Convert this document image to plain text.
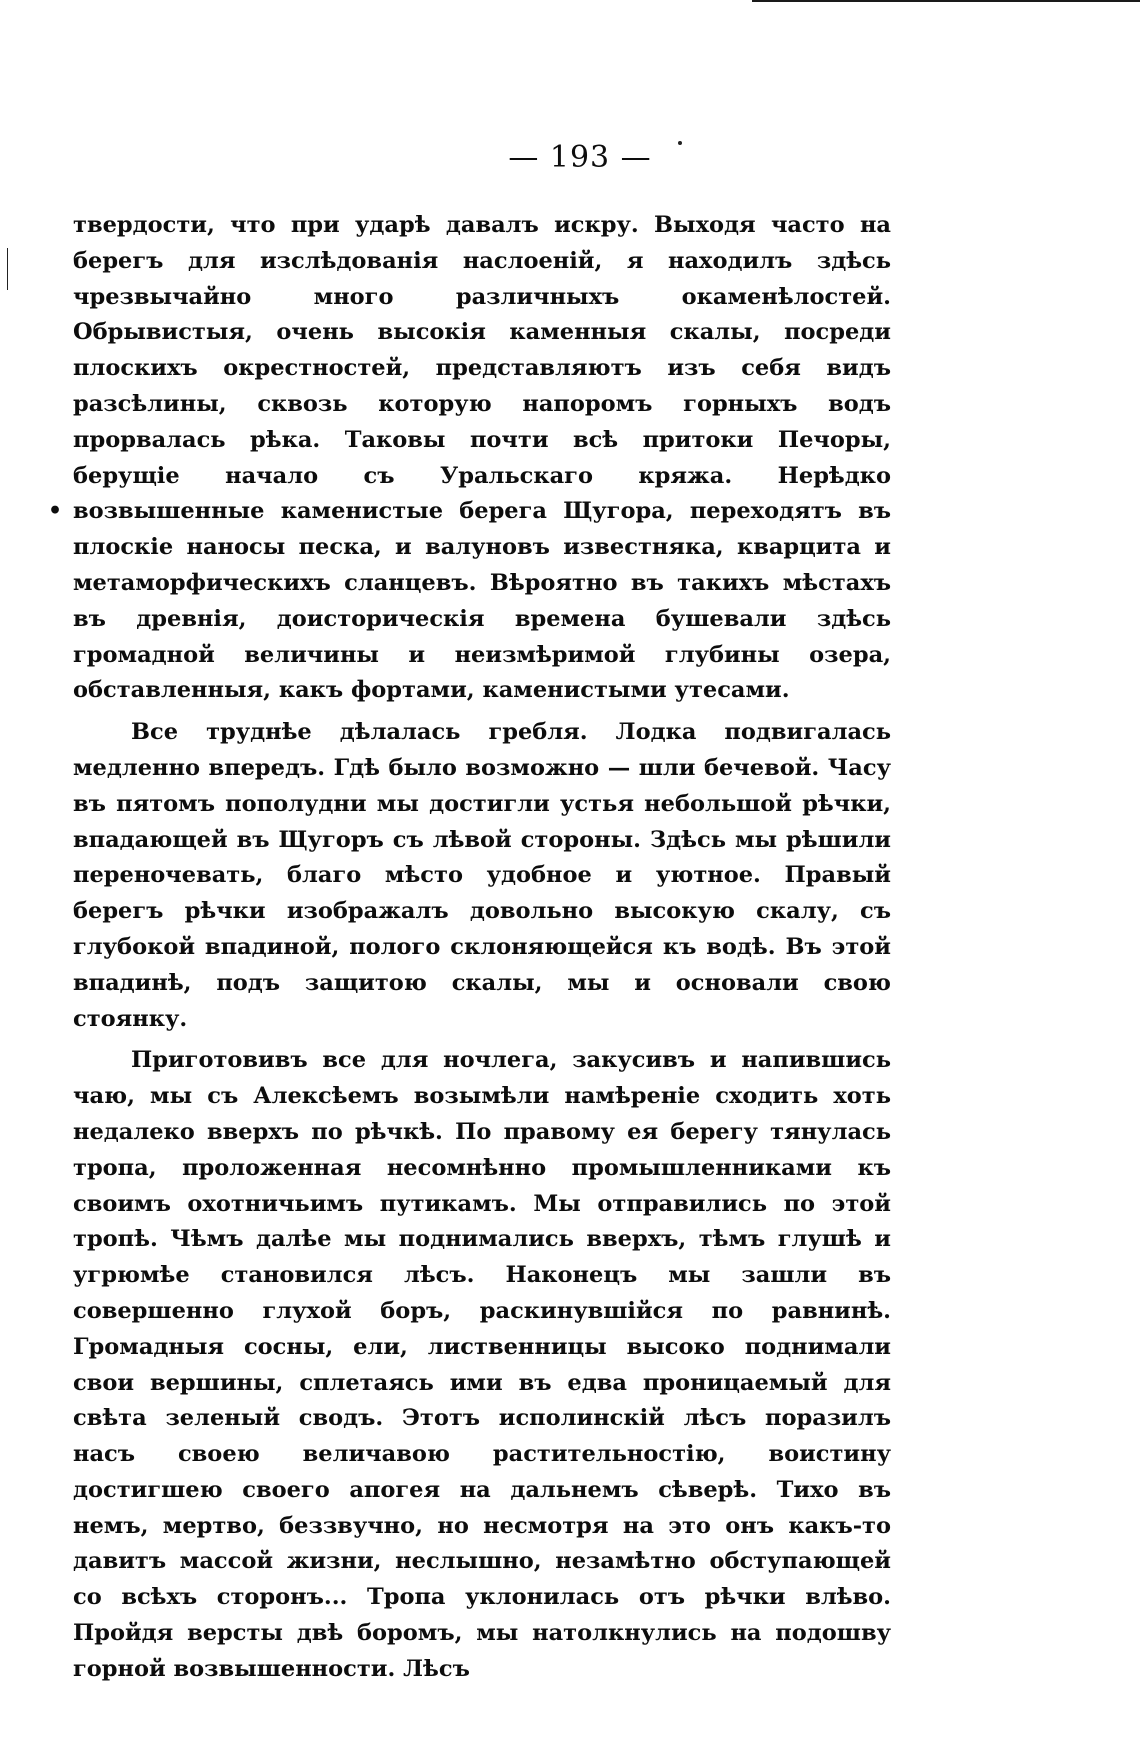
•
— 193 —

твердости, что при ударѣ давалъ искру. Выходя часто на берегъ для изслѣдованія наслоеній, я находилъ здѣсь чрезвычайно много различныхъ окаменѣлостей. Обрывистыя, очень высокія каменныя скалы, посреди плоскихъ окрестностей, представляютъ изъ себя видъ разсѣлины, сквозь которую напоромъ горныхъ водъ прорвалась рѣка. Таковы почти всѣ притоки Печоры, берущіе начало съ Уральскаго кряжа. Нерѣдко возвышенные каменистые берега Щугора, переходятъ въ плоскіе наносы песка, и валуновъ известняка, кварцита и метаморфическихъ сланцевъ. Вѣроятно въ такихъ мѣстахъ въ древнія, доисторическія времена бушевали здѣсь громадной величины и неизмѣримой глубины озера, обставленныя, какъ фортами, каменистыми утесами.

Все труднѣе дѣлалась гребля. Лодка подвигалась медленно впередъ. Гдѣ было возможно — шли бечевой. Часу въ пятомъ пополудни мы достигли устья небольшой рѣчки, впадающей въ Щугоръ съ лѣвой стороны. Здѣсь мы рѣшили переночевать, благо мѣсто удобное и уютное. Правый берегъ рѣчки изображалъ довольно высокую скалу, съ глубокой впадиной, полого склоняющейся къ водѣ. Въ этой впадинѣ, подъ защитою скалы, мы и основали свою стоянку.

Приготовивъ все для ночлега, закусивъ и напившись чаю, мы съ Алексѣемъ возымѣли намѣреніе сходить хоть недалеко вверхъ по рѣчкѣ. По правому ея берегу тянулась тропа, проложенная несомнѣнно промышленниками къ своимъ охотничьимъ путикамъ. Мы отправились по этой тропѣ. Чѣмъ далѣе мы поднимались вверхъ, тѣмъ глушѣ и угрюмѣе становился лѣсъ. Наконецъ мы зашли въ совершенно глухой боръ, раскинувшійся по равнинѣ. Громадныя сосны, ели, лиственницы высоко поднимали свои вершины, сплетаясь ими въ едва проницаемый для свѣта зеленый сводъ. Этотъ исполинскій лѣсъ поразилъ насъ своею величавою растительностію, воистину достигшею своего апогея на дальнемъ сѣверѣ. Тихо въ немъ, мертво, беззвучно, но несмотря на это онъ какъ-то давитъ массой жизни, неслышно, незамѣтно обступающей со всѣхъ сторонъ... Тропа уклонилась отъ рѣчки влѣво. Пройдя версты двѣ боромъ, мы натолкнулись на подошву горной возвышенности. Лѣсъ
